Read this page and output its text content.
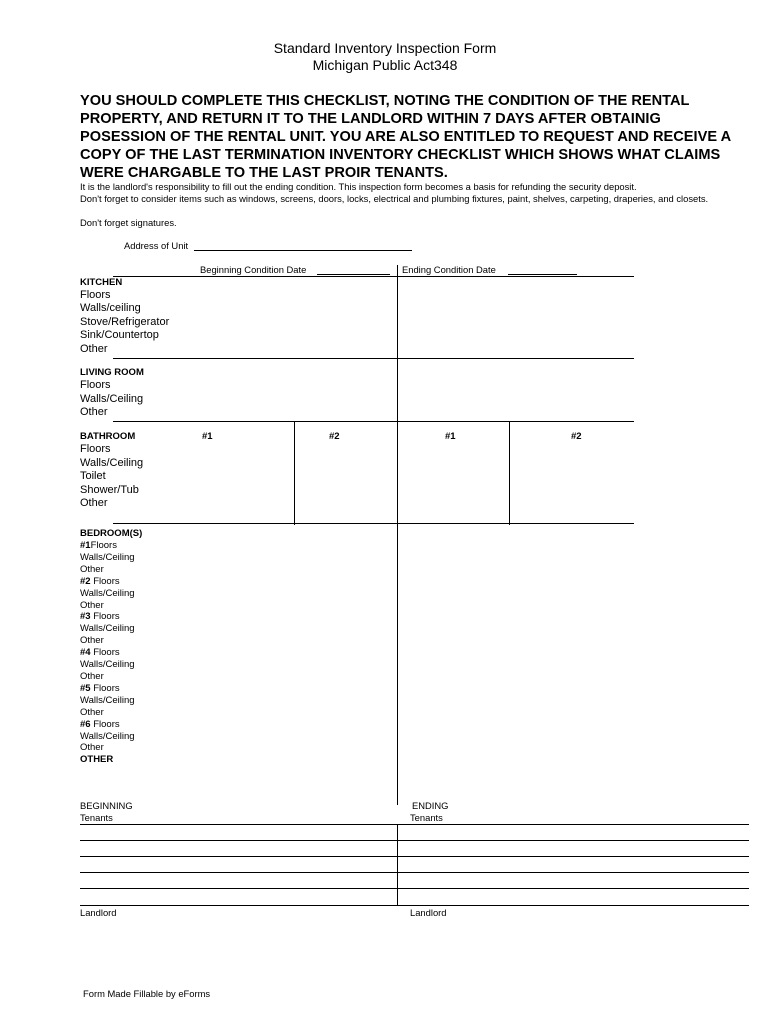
Standard Inventory Inspection Form
Michigan Public Act348
YOU SHOULD COMPLETE THIS CHECKLIST, NOTING THE CONDITION OF THE RENTAL PROPERTY, AND RETURN IT TO THE LANDLORD WITHIN 7 DAYS AFTER OBTAINIG POSESSION OF THE RENTAL UNIT. YOU ARE ALSO ENTITLED TO REQUEST AND RECEIVE A COPY OF THE LAST TERMINATION INVENTORY CHECKLIST WHICH SHOWS WHAT CLAIMS WERE CHARGABLE TO THE LAST PROIR TENANTS.
It is the landlord's responsibility to fill out the ending condition. This inspection form becomes a basis for refunding the security deposit.
Don't forget to consider items such as windows, screens, doors, locks, electrical and plumbing fixtures, paint, shelves, carpeting, draperies, and closets.
Don't forget signatures.
Address of Unit
Beginning Condition Date	Ending Condition Date
KITCHEN
Floors
Walls/ceiling
Stove/Refrigerator
Sink/Countertop
Other
LIVING ROOM
Floors
Walls/Ceiling
Other
BATHROOM	#1	#2	#1	#2
Floors
Walls/Ceiling
Toilet
Shower/Tub
Other
BEDROOM(S)
#1Floors
Walls/Ceiling
Other
#2 Floors
Walls/Ceiling
Other
#3 Floors
Walls/Ceiling
Other
#4 Floors
Walls/Ceiling
Other
#5 Floors
Walls/Ceiling
Other
#6 Floors
Walls/Ceiling
Other
OTHER
BEGINNING
Tenants
ENDING
Tenants
Landlord	Landlord
Form Made Fillable by eForms
